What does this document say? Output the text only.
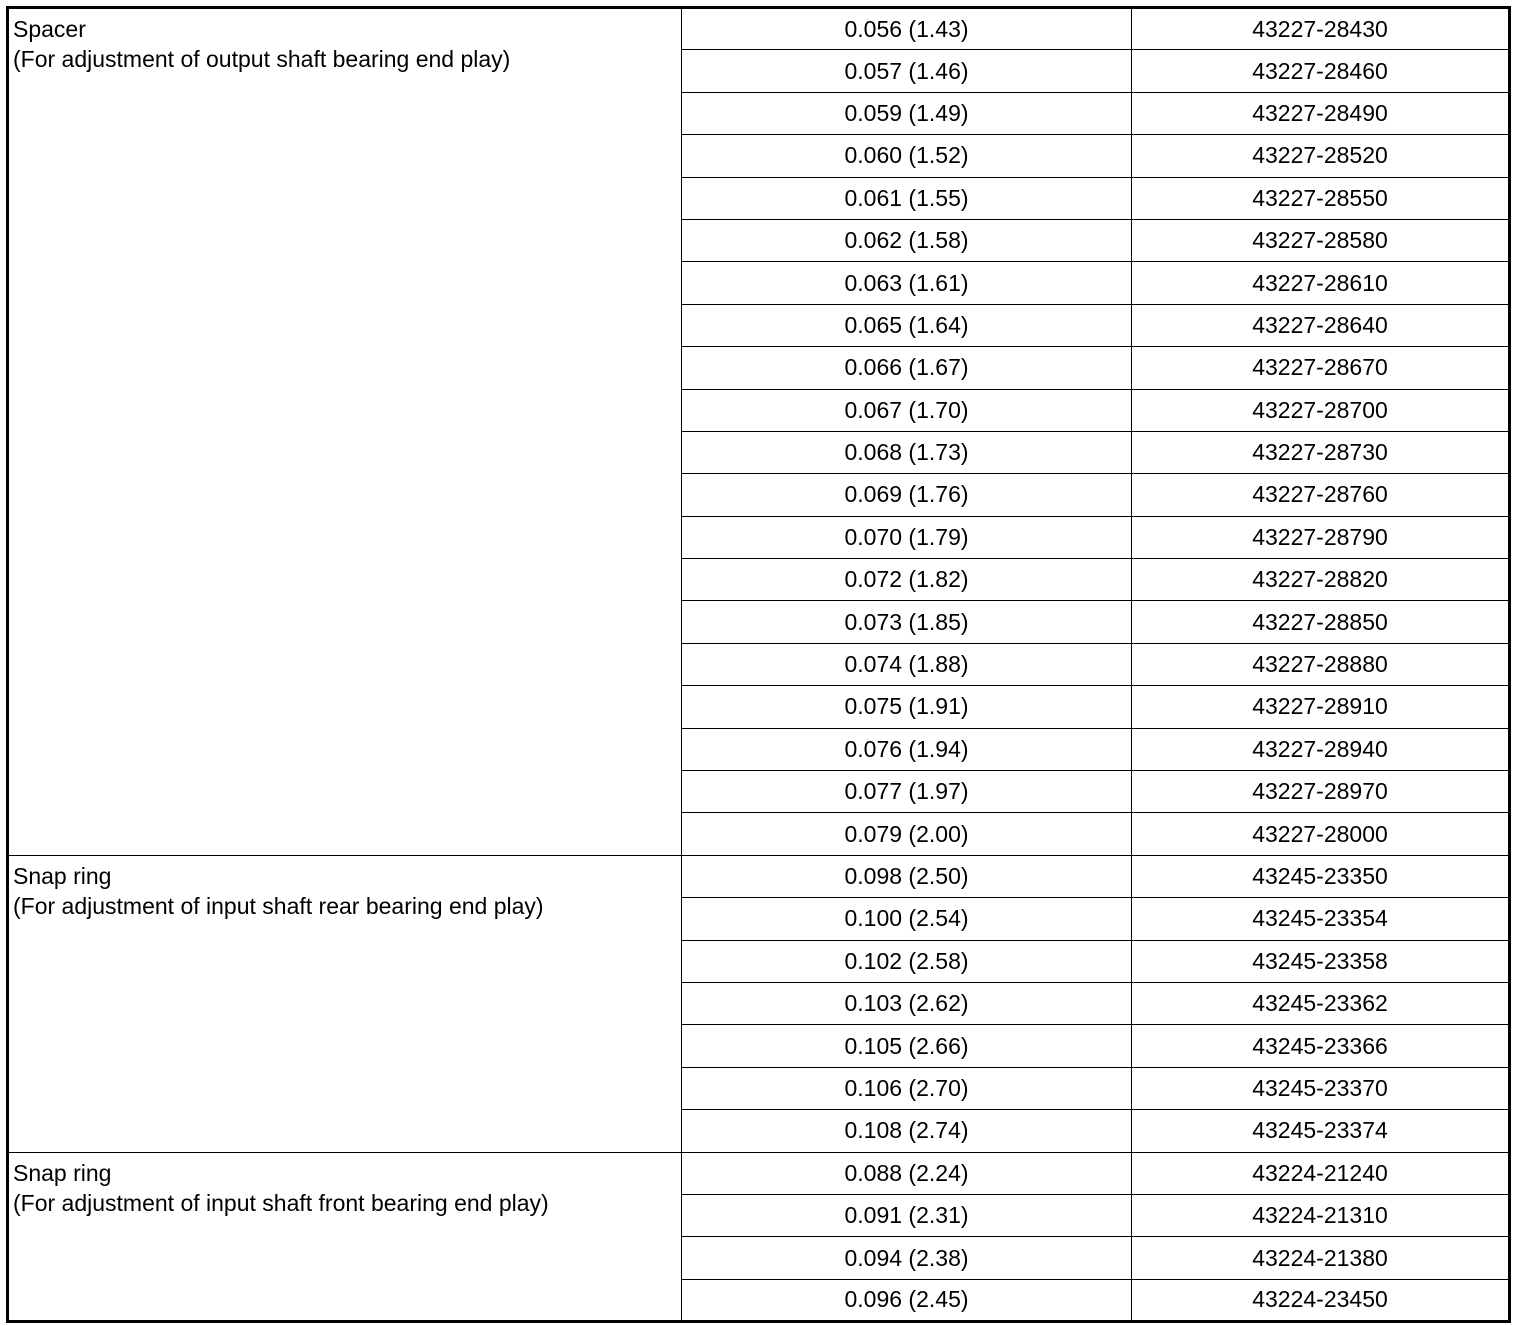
Spacer
(For adjustment of output shaft bearing end play)	0.056 (1.43)	43227-28430
	0.057 (1.46)	43227-28460
	0.059 (1.49)	43227-28490
	0.060 (1.52)	43227-28520
	0.061 (1.55)	43227-28550
	0.062 (1.58)	43227-28580
	0.063 (1.61)	43227-28610
	0.065 (1.64)	43227-28640
	0.066 (1.67)	43227-28670
	0.067 (1.70)	43227-28700
	0.068 (1.73)	43227-28730
	0.069 (1.76)	43227-28760
	0.070 (1.79)	43227-28790
	0.072 (1.82)	43227-28820
	0.073 (1.85)	43227-28850
	0.074 (1.88)	43227-28880
	0.075 (1.91)	43227-28910
	0.076 (1.94)	43227-28940
	0.077 (1.97)	43227-28970
	0.079 (2.00)	43227-28000

Snap ring
(For adjustment of input shaft rear bearing end play)	0.098 (2.50)	43245-23350
	0.100 (2.54)	43245-23354
	0.102 (2.58)	43245-23358
	0.103 (2.62)	43245-23362
	0.105 (2.66)	43245-23366
	0.106 (2.70)	43245-23370
	0.108 (2.74)	43245-23374

Snap ring
(For adjustment of input shaft front bearing end play)	0.088 (2.24)	43224-21240
	0.091 (2.31)	43224-21310
	0.094 (2.38)	43224-21380
	0.096 (2.45)	43224-23450
